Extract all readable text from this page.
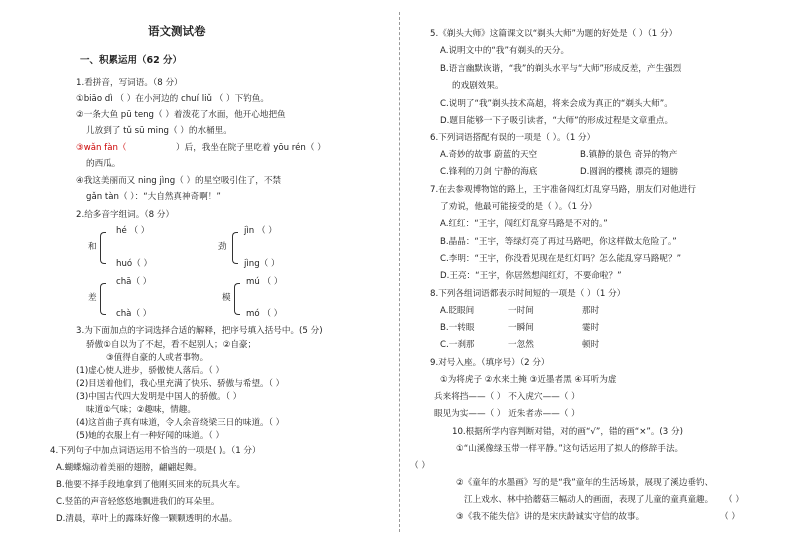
语文测试卷
一、积累运用（62 分）
1.看拼音，写词语。（8 分）
①biāo dì （ ）在小河边的 chuí liǔ （ ）下钓鱼。
②一条大鱼 pū teng（ ）着泼花了水面，他开心地把鱼
儿放到了 tǔ sū ming（ ）的水桶里。
③wǎn fàn（	）后，我坐在院子里吃着 yōu rén（ ）
的西瓜。
④我这美丽而又 ning jìng（ ）的星空吸引住了，不禁
gǎn tàn（ ）：“大自然真神奇啊！”
2.给多音字组词。（8 分）
和
hé （ ）
huó（ ）
劲
jìn （ ）
jìng（ ）
差
chā（ ）
chà（ ）
模
mú （ ）
mó （ ）
3.为下面加点的字词选择合适的解释，把序号填入括号中。(5 分)
骄傲①自以为了不起，看不起别人；②自豪；
③值得自豪的人或者事物。
(1)虚心使人进步，骄傲使人落后。（ ）
(2)目送着他们，我心里充满了快乐、骄傲与希望。（ ）
(3)中国古代四大发明是中国人的骄傲。（ ）
味道①气味；②趣味，情趣。
(4)这首曲子真有味道，令人余音绕梁三日的味道。（ ）
(5)她的衣服上有一种好闻的味道。（ ）
4.下列句子中加点词语运用不恰当的一项是( )。（1 分）
A.蝴蝶煽动着美丽的翅膀，翩翩起舞。
B.他要不择手段地拿到了他刚买回来的玩具火车。
C.竖笛的声音轻悠悠地飘进我们的耳朵里。
D.清晨，草叶上的露珠好像一颗颗透明的水晶。
5.《剃头大师》这篇课文以“剃头大师”为题的好处是（ ）（1 分）
A.说明文中的“我”有剃头的天分。
B.语言幽默诙谐，“我”的剃头水平与“大师”形成反差，产生强烈
的戏剧效果。
C.说明了“我”剃头技术高超，将来会成为真正的“剃头大师”。
D.题目能够一下子吸引读者，“大师”的形成过程是文章重点。
6.下列词语搭配有误的一项是（ ）。（1 分）
A.奇妙的故事 蔚蓝的天空	B.镇静的景色 奇异的物产
C.锋利的刀剑 宁静的海底	D.圆润的樱桃 漂亮的翅膀
7.在去参观博物馆的路上，王宇准备闯红灯乱穿马路，朋友们对他进行
了劝说，他最可能接受的是（ ）。（1 分）
A.红红：“王宇，闯红灯乱穿马路是不对的。”
B.晶晶：“王宇，等绿灯亮了再过马路吧，你这样做太危险了。”
C.李明：“王宇，你没看见现在是红灯吗？怎么能乱穿马路呢？”
D.王亮：“王宇，你居然想闯红灯，不要命啦？”
8.下列各组词语都表示时间短的一项是（ ）（1 分）
A.眨眼间	一时间	那时
B.一转眼	一瞬间	霎时
C.一刹那	一忽然	顿时
9.对号入座。（填序号）（2 分）
①为将虎子 ②水来土掩 ③近墨者黑 ④耳听为虚
兵来将挡——（ ） 不入虎穴——（ ）
眼见为实——（ ） 近朱者赤——（ ）
10.根据所学内容判断对错，对的画“√”，错的画“×”。(3 分)
①“山溪像绿玉带一样平静。”这句话运用了拟人的修辞手法。
（ ）
②《童年的水墨画》写的是“我”童年的生活场景，展现了溪边垂钓、
江上戏水、林中拾蘑菇三幅动人的画面，表现了儿童的童真童趣。 （ ）
③《我不能失信》讲的是宋庆龄诚实守信的故事。	（ ）
